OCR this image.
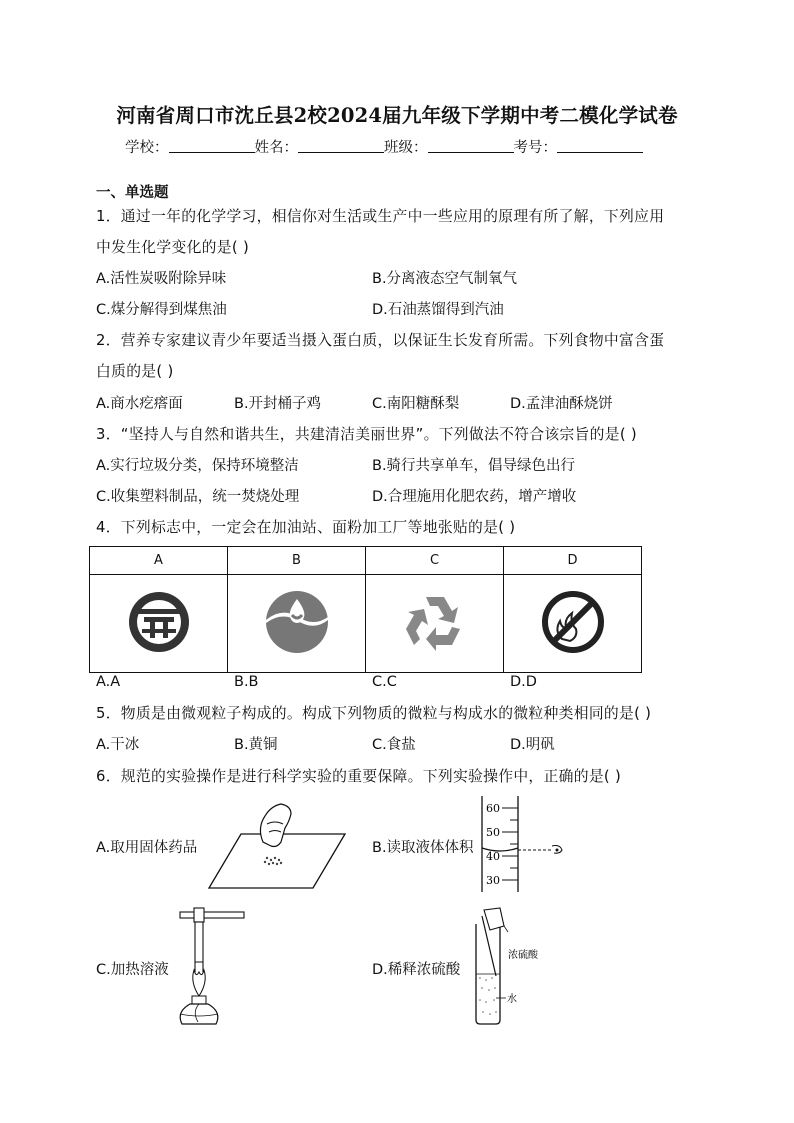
河南省周口市沈丘县2校2024届九年级下学期中考二模化学试卷
学校：	姓名：	班级：	考号：
一、单选题
1．通过一年的化学学习，相信你对生活或生产中一些应用的原理有所了解，下列应用
中发生化学变化的是( )
A.活性炭吸附除异味	B.分离液态空气制氧气
C.煤分解得到煤焦油	D.石油蒸馏得到汽油
2．营养专家建议青少年要适当摄入蛋白质，以保证生长发育所需。下列食物中富含蛋
白质的是( )
A.商水疙瘩面	B.开封桶子鸡	C.南阳糖酥梨	D.孟津油酥烧饼
3．“坚持人与自然和谐共生，共建清洁美丽世界”。下列做法不符合该宗旨的是( )
A.实行垃圾分类，保持环境整洁	B.骑行共享单车，倡导绿色出行
C.收集塑料制品，统一焚烧处理	D.合理施用化肥农药，增产增收
4．下列标志中，一定会在加油站、面粉加工厂等地张贴的是( )
A	B	C	D

A.A	B.B	C.C	D.D
5．物质是由微观粒子构成的。构成下列物质的微粒与构成水的微粒种类相同的是( )
A.干冰	B.黄铜	C.食盐	D.明矾
6．规范的实验操作是进行科学实验的重要保障。下列实验操作中，正确的是( )
A.取用固体药品	B.读取液体体积
60
50
40
30
C.加热溶液	D.稀释浓硫酸
浓硫酸
水
